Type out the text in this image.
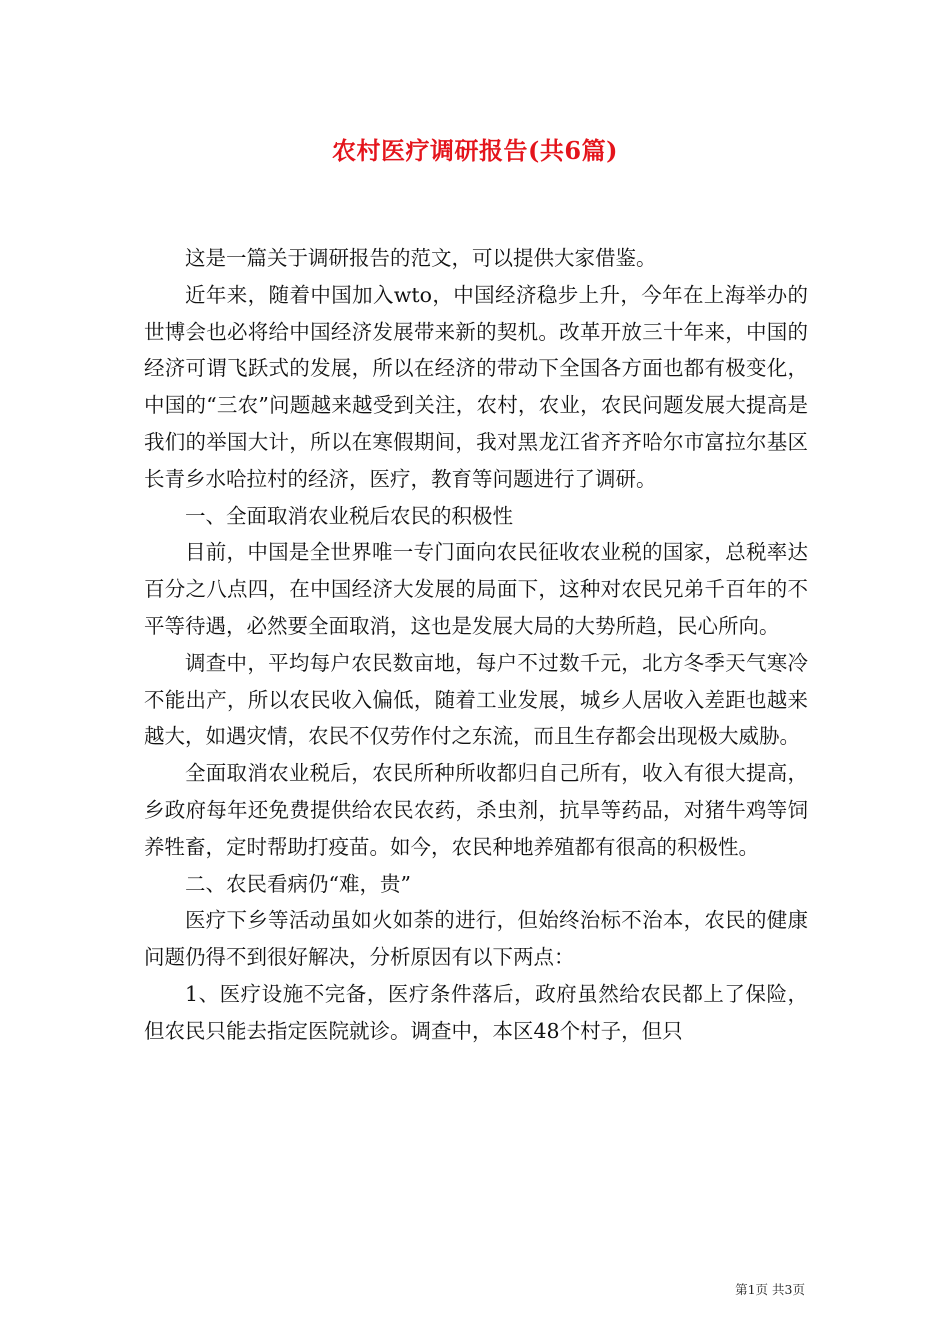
农村医疗调研报告(共6篇)

这是一篇关于调研报告的范文，可以提供大家借鉴。

近年来，随着中国加入wto，中国经济稳步上升，今年在上海举办的世博会也必将给中国经济发展带来新的契机。改革开放三十年来，中国的经济可谓飞跃式的发展，所以在经济的带动下全国各方面也都有极变化，中国的“三农”问题越来越受到关注，农村，农业，农民问题发展大提高是我们的举国大计，所以在寒假期间，我对黑龙江省齐齐哈尔市富拉尔基区长青乡水哈拉村的经济，医疗，教育等问题进行了调研。

一、全面取消农业税后农民的积极性

目前，中国是全世界唯一专门面向农民征收农业税的国家，总税率达百分之八点四，在中国经济大发展的局面下，这种对农民兄弟千百年的不平等待遇，必然要全面取消，这也是发展大局的大势所趋，民心所向。

调查中，平均每户农民数亩地，每户不过数千元，北方冬季天气寒冷不能出产，所以农民收入偏低，随着工业发展，城乡人居收入差距也越来越大，如遇灾情，农民不仅劳作付之东流，而且生存都会出现极大威胁。

全面取消农业税后，农民所种所收都归自己所有，收入有很大提高，乡政府每年还免费提供给农民农药，杀虫剂，抗旱等药品，对猪牛鸡等饲养牲畜，定时帮助打疫苗。如今，农民种地养殖都有很高的积极性。

二、农民看病仍“难，贵”

医疗下乡等活动虽如火如荼的进行，但始终治标不治本，农民的健康问题仍得不到很好解决，分析原因有以下两点：

1、医疗设施不完备，医疗条件落后，政府虽然给农民都上了保险，但农民只能去指定医院就诊。调查中，本区48个村子，但只

第1页 共3页
